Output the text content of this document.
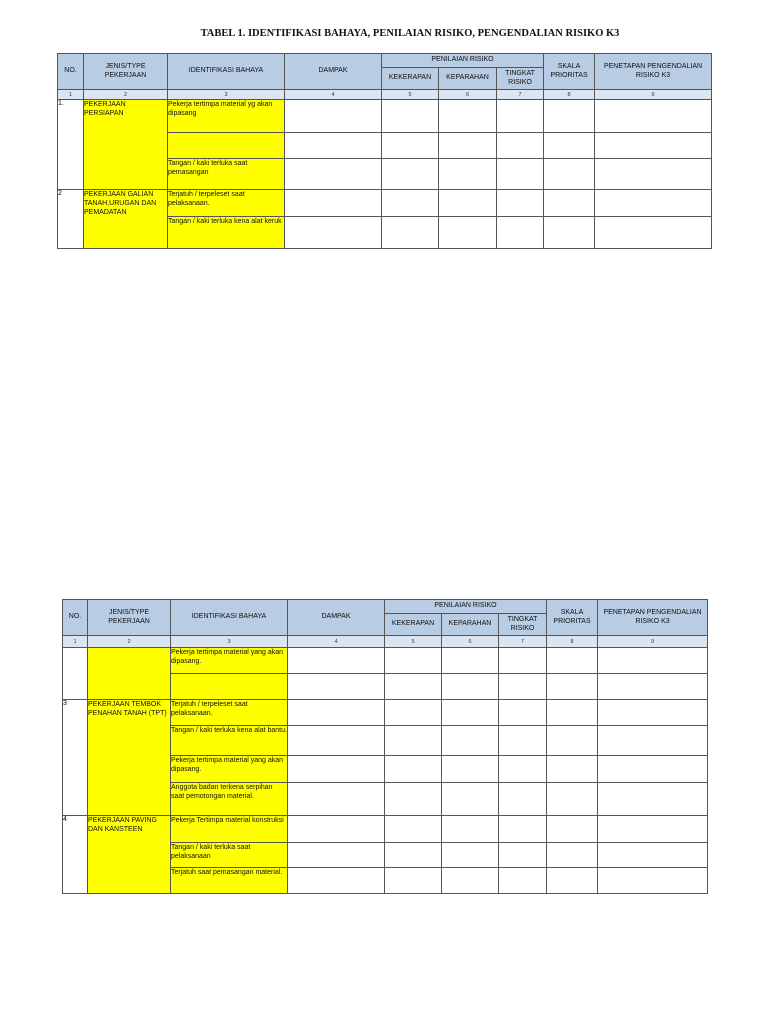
TABEL 1. IDENTIFIKASI BAHAYA, PENILAIAN RISIKO, PENGENDALIAN RISIKO K3
NO.	JENIS/TYPE PEKERJAAN	IDENTIFIKASI BAHAYA	DAMPAK	PENILAIAN RISIKO			SKALA PRIORITAS	PENETAPAN PENGENDALIAN RISIKO K3
				KEKERAPAN	KEPARAHAN	TINGKAT RISIKO		
1	2	3	4	5	6	7	8	9
1.	PEKERJAAN PERSIAPAN	Pekerja tertimpa material yg akan dipasang						

		Tangan / kaki terluka saat pemasangan						
2	PEKERJAAN GALIAN TANAH,URUGAN DAN PEMADATAN	Terjatuh / terpeleset saat pelaksanaan.						
		Tangan / kaki terluka kena alat keruk						
NO.	JENIS/TYPE PEKERJAAN	IDENTIFIKASI BAHAYA	DAMPAK	PENILAIAN RISIKO			SKALA PRIORITAS	PENETAPAN PENGENDALIAN RISIKO K3
				KEKERAPAN	KEPARAHAN	TINGKAT RISIKO		
1	2	3	4	5	6	7	8	9
		Pekerja tertimpa material yang akan dipasang.						

3	PEKERJAAN TEMBOK PENAHAN TANAH (TPT)	Terjatuh / terpeleset saat pelaksanaan.						
		Tangan / kaki terluka kena alat bantu.						
		Pekerja tertimpa material yang akan dipasang.						
		Anggota badan terkena serpihan saat pemotongan material.						
4	PEKERJAAN PAVING DAN KANSTEEN	Pekerja Tertimpa material konstruksi						
		Tangan / kaki terluka saat pelaksanaan						
		Terjatuh saat pemasangan material.						
